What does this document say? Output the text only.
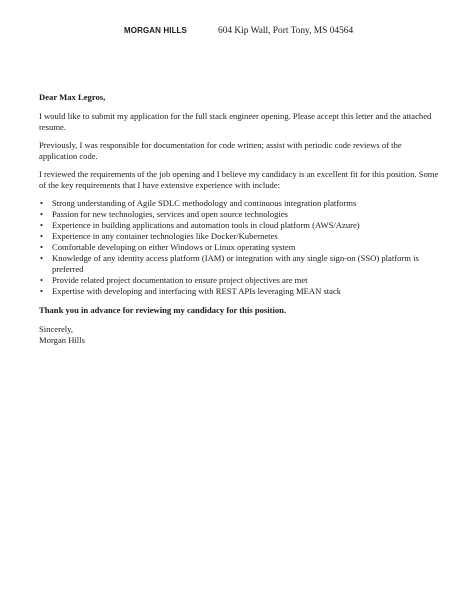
MORGAN HILLS	604 Kip Wall, Port Tony, MS 04564

Dear Max Legros,

I would like to submit my application for the full stack engineer opening. Please accept this letter and the attached resume.

Previously, I was responsible for documentation for code written; assist with periodic code reviews of the application code.

I reviewed the requirements of the job opening and I believe my candidacy is an excellent fit for this position. Some of the key requirements that I have extensive experience with include:

• Strong understanding of Agile SDLC methodology and continuous integration platforms
• Passion for new technologies, services and open source technologies
• Experience in building applications and automation tools in cloud platform (AWS/Azure)
• Experience in any container technologies like Docker/Kubernetes
• Comfortable developing on either Windows or Linux operating system
• Knowledge of any identity access platform (IAM) or integration with any single sign-on (SSO) platform is preferred
• Provide related project documentation to ensure project objectives are met
• Expertise with developing and interfacing with REST APIs leveraging MEAN stack

Thank you in advance for reviewing my candidacy for this position.

Sincerely,

Morgan Hills
